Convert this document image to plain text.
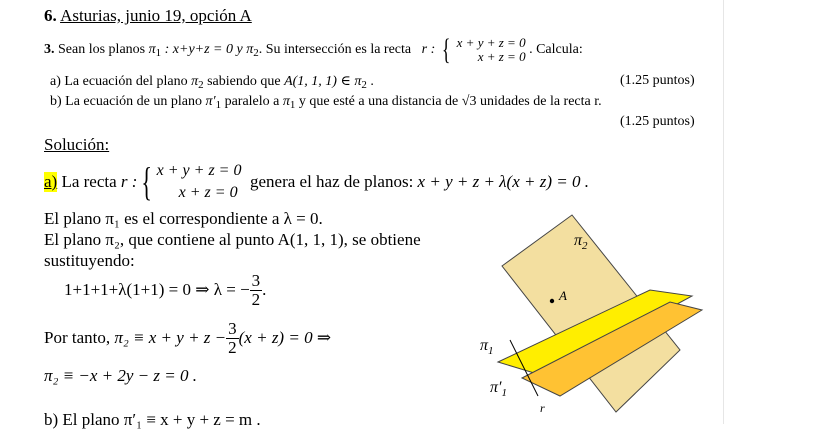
6. Asturias, junio 19, opción A
3. Sean los planos $\pi_1$ : x+y+z = 0 y $\pi_2$. Su intersección es la recta r : { x + y + z = 0
x + z = 0 . Calcula:
a) La ecuación del plano $\pi_2$ sabiendo que A(1, 1, 1) ∈ $\pi_2$ .	(1.25 puntos)
b) La ecuación de un plano $\pi'_1$ paralelo a $\pi_1$ y que esté a una distancia de √3 unidades de la recta r.
(1.25 puntos)
Solución:
a)
La recta
r : { x + y + z = 0
x + z = 0

genera el haz de planos:
x + y + z + λ(x + z) = 0 .
El plano π₁ es el correspondiente a λ = 0.
El plano π₂, que contiene al punto A(1, 1, 1), se obtiene
sustituyendo:
1+1+1+λ(1+1) = 0 ⇒ λ = − $\frac{3}{2}$ .
Por tanto,
$\pi_2 \equiv x + y + z - \frac{3}{2} (x + z) = 0$ ⇒
π₂ ≡ −x + 2y − z = 0 .
b) El plano π′₁ ≡ x + y + z = m .
$\pi_2$
A
$\pi_1$
$\pi'_1$
r
